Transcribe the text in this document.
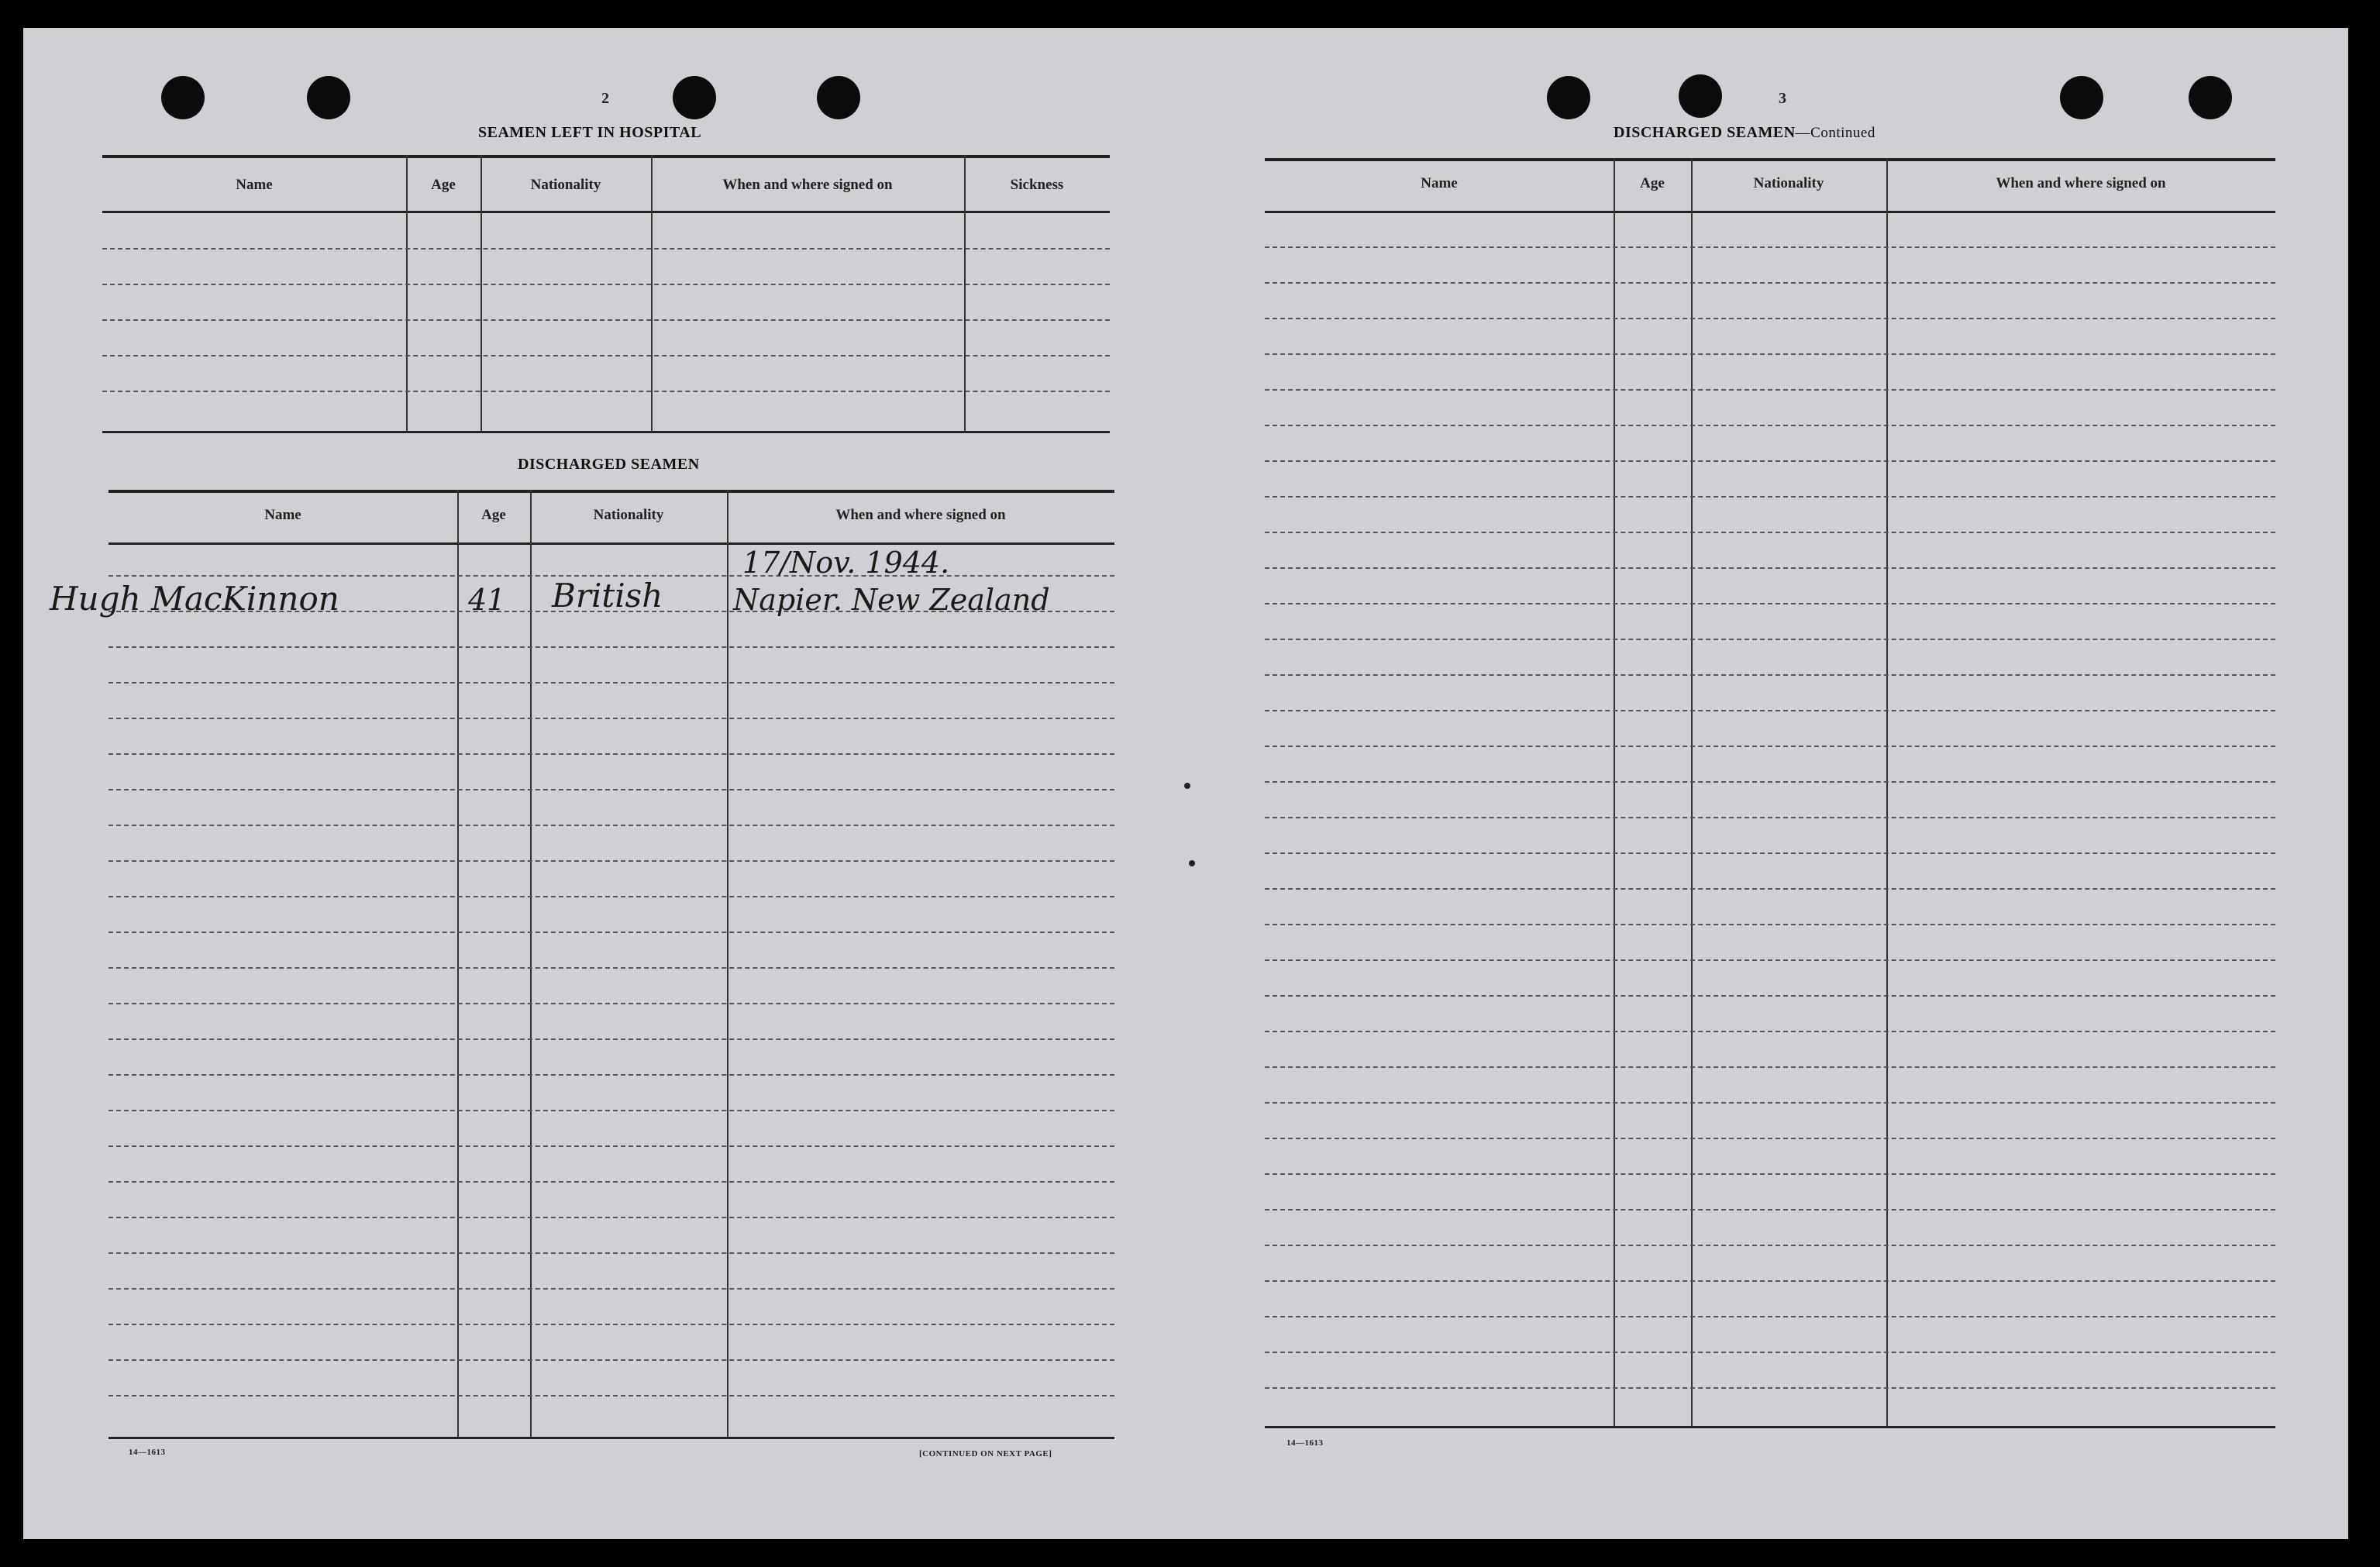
2
SEAMEN LEFT IN HOSPITAL
Name	Age	Nationality	When and where signed on	Sickness
DISCHARGED SEAMEN
Name	Age	Nationality	When and where signed on
Hugh MacKinnon	41 British
17/Nov. 1944.
Napier. New Zealand
14—1613	[CONTINUED ON NEXT PAGE]
3
DISCHARGED SEAMEN—Continued
Name	Age	Nationality	When and where signed on
14—1613
